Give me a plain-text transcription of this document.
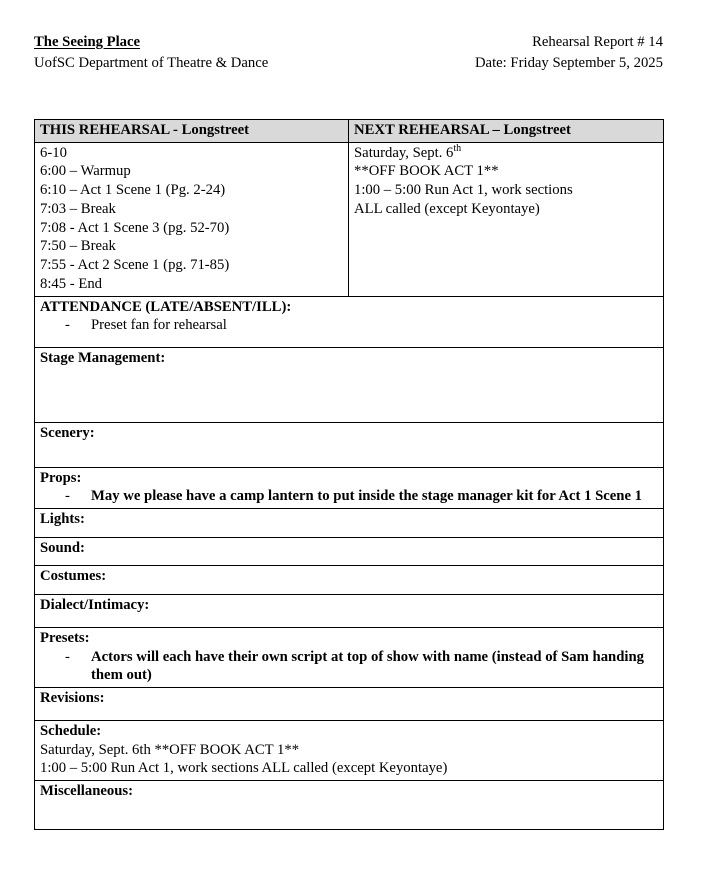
The Seeing Place	Rehearsal Report # 14
UofSC Department of Theatre & Dance	Date: Friday September 5, 2025
THIS REHEARSAL - Longstreet	NEXT REHEARSAL – Longstreet

6-10
6:00 – Warmup
6:10 – Act 1 Scene 1 (Pg. 2-24)
7:03 – Break
7:08 - Act 1 Scene 3 (pg. 52-70)
7:50 – Break
7:55 - Act 2 Scene 1 (pg. 71-85)
8:45 - End

Saturday, Sept. 6th
**OFF BOOK ACT 1**
1:00 – 5:00 Run Act 1, work sections
ALL called (except Keyontaye)

ATTENDANCE (LATE/ABSENT/ILL):
- Preset fan for rehearsal	

Stage Management:	

Scenery:	

Props:
- May we please have a camp lantern to put inside the stage manager kit for Act 1 Scene 1	

Lights:	

Sound:	

Costumes:	

Dialect/Intimacy:	

Presets:
- Actors will each have their own script at top of show with name (instead of Sam handing them out)	

Revisions:	

Schedule:
Saturday, Sept. 6th **OFF BOOK ACT 1**
1:00 – 5:00 Run Act 1, work sections ALL called (except Keyontaye)	

Miscellaneous:	
